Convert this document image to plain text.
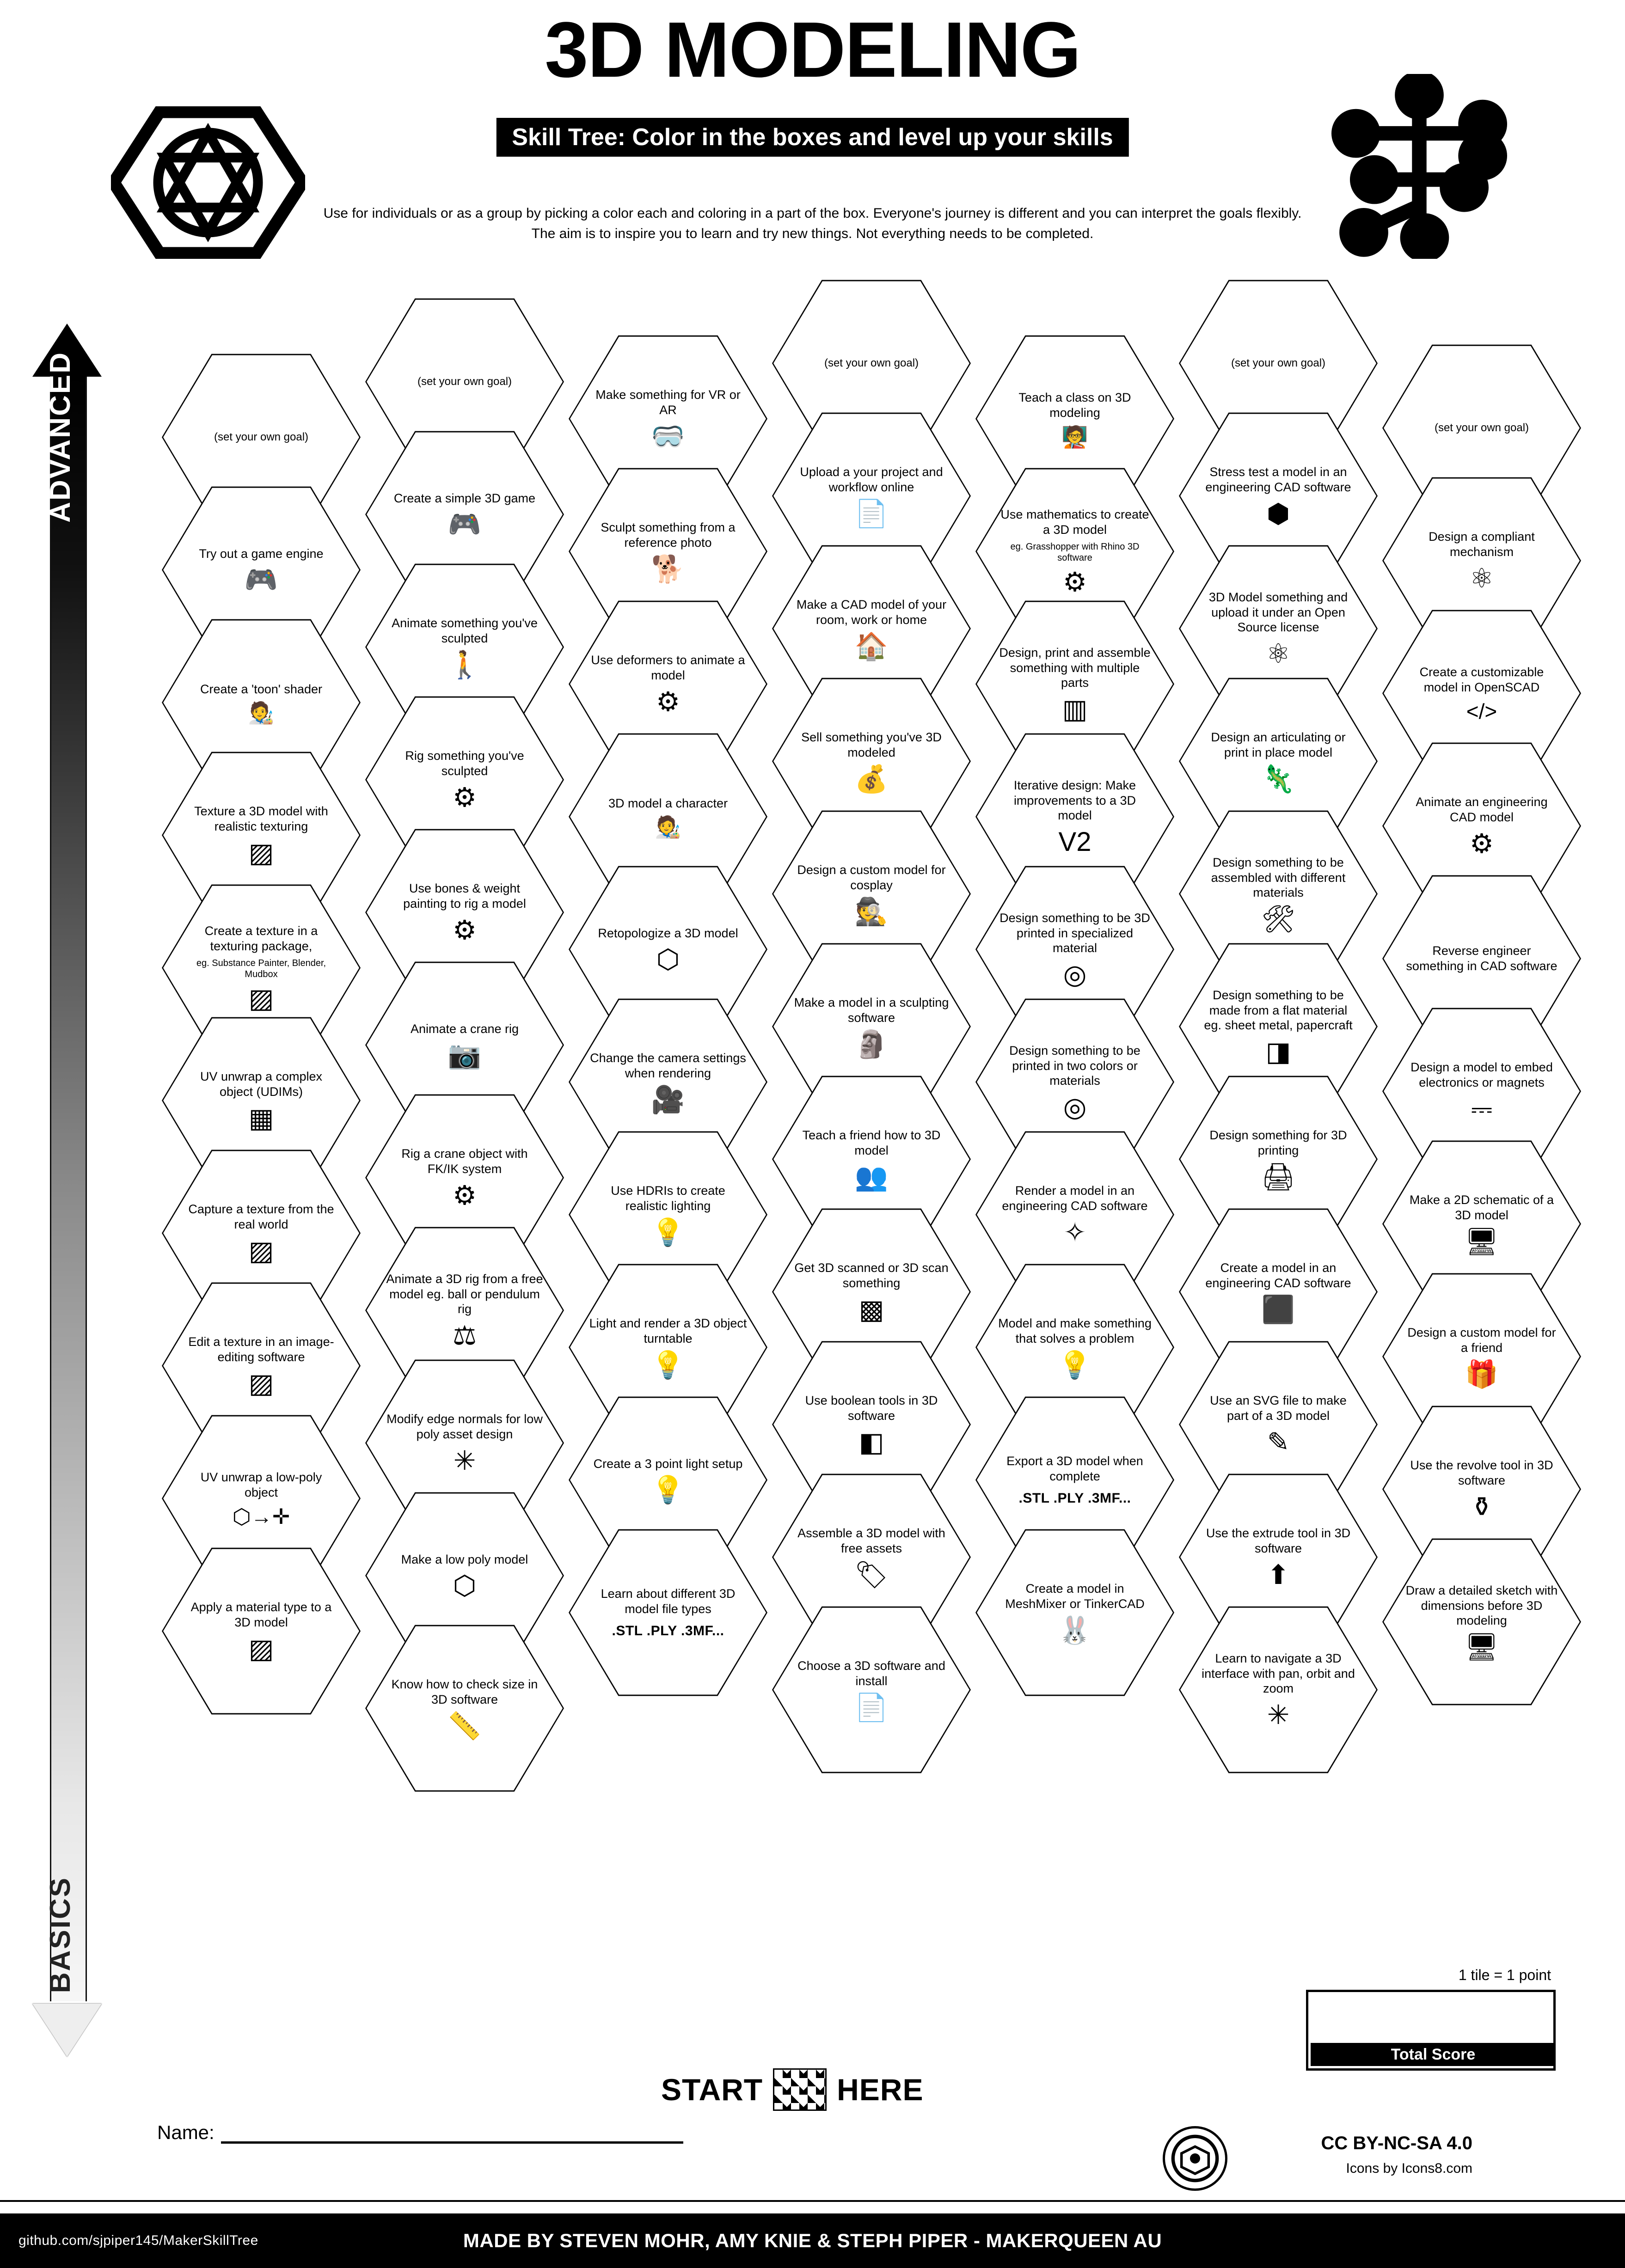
3D MODELING
Skill Tree: Color in the boxes and level up your skills
Use for individuals or as a group by picking a color each and coloring in a part of the box. Everyone's journey is different and you can interpret the goals flexibly. The aim is to inspire you to learn and try new things. Not everything needs to be completed.
ADVANCED
BASICS
(set your own goal)
Try out a game engine
🎮
Create a 'toon' shader
🧑‍🎨
Texture a 3D model with realistic texturing
▨
Create a texture in a texturing package,
eg. Substance Painter, Blender, Mudbox
▨
UV unwrap a complex object (UDIMs)
▦
Capture a texture from the real world
▨
Edit a texture in an image-editing software
▨
UV unwrap a low-poly object
⬡→✛
Apply a material type to a 3D model
▨
(set your own goal)
Create a simple 3D game
🎮
Animate something you've sculpted
🚶
Rig something you've sculpted
⚙
Use bones & weight painting to rig a model
⚙
Animate a crane rig
📷
Rig a crane object with FK/IK system
⚙
Animate a 3D rig from a free model eg. ball or pendulum rig
⚖
Modify edge normals for low poly asset design
✳
Make a low poly model
⬡
Know how to check size in 3D software
📏
Make something for VR or AR
🥽
Sculpt something from a reference photo
🐕
Use deformers to animate a model
⚙
3D model a character
🧑‍🎨
Retopologize a 3D model
⬡
Change the camera settings when rendering
🎥
Use HDRIs to create realistic lighting
💡
Light and render a 3D object turntable
💡
Create a 3 point light setup
💡
Learn about different 3D model file types
.STL .PLY .3MF...
(set your own goal)
Upload a your project and workflow online
📄
Make a CAD model of your room, work or home
🏠
Sell something you've 3D modeled
💰
Design a custom model for cosplay
🕵
Make a model in a sculpting software
🗿
Teach a friend how to 3D model
👥
Get 3D scanned or 3D scan something
▩
Use boolean tools in 3D software
◧
Assemble a 3D model with free assets
🏷
Choose a 3D software and install
📄
Teach a class on 3D modeling
🧑‍🏫
Use mathematics to create a 3D model
eg. Grasshopper with Rhino 3D software
⚙
Design, print and assemble something with multiple parts
▥
Iterative design: Make improvements to a 3D model
V2
Design something to be 3D printed in specialized material
◎
Design something to be printed in two colors or materials
◎
Render a model in an engineering CAD software
✧
Model and make something that solves a problem
💡
Export a 3D model when complete
.STL .PLY .3MF...
Create a model in MeshMixer or TinkerCAD
🐰
(set your own goal)
Stress test a model in an engineering CAD software
⬢
3D Model something and upload it under an Open Source license
⚛
Design an articulating or print in place model
🦎
Design something to be assembled with different materials
🛠
Design something to be made from a flat material eg. sheet metal, papercraft
◨
Design something for 3D printing
🖨
Create a model in an engineering CAD software
⬛
Use an SVG file to make part of a 3D model
✎
Use the extrude tool in 3D software
⬆
Learn to navigate a 3D interface with pan, orbit and zoom
✳
(set your own goal)
Design a compliant mechanism
⚛
Create a customizable model in OpenSCAD
</>
Animate an engineering CAD model
⚙
Reverse engineer something in CAD software
Design a model to embed electronics or magnets
⎓
Make a 2D schematic of a 3D model
🖥
Design a custom model for a friend
🎁
Use the revolve tool in 3D software
⚱
Draw a detailed sketch with dimensions before 3D modeling
🖥
START HERE
1 tile = 1 point
Total Score
Name:	CC BY-NC-SA 4.0
Icons by Icons8.com
github.com/sjpiper145/MakerSkillTree	MADE BY STEVEN MOHR, AMY KNIE & STEPH PIPER - MAKERQUEEN AU
